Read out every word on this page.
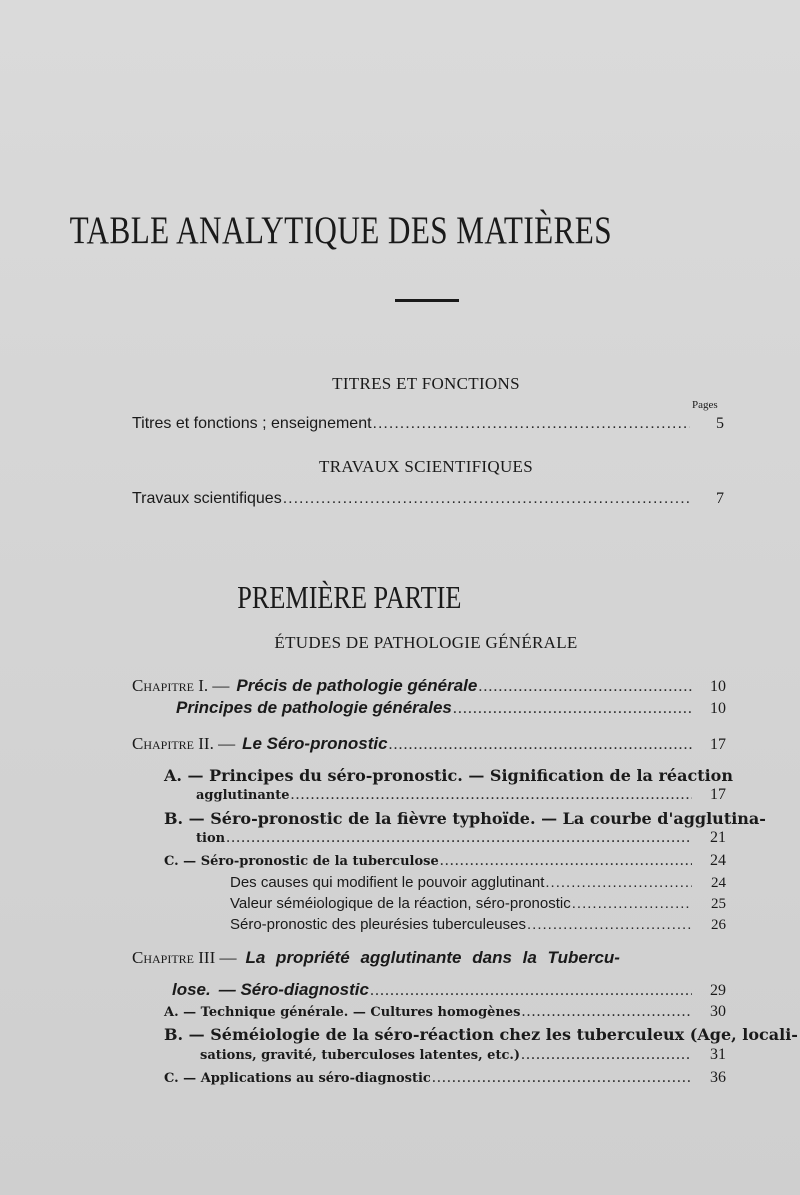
TABLE ANALYTIQUE DES MATIÈRES
TITRES ET FONCTIONS
Pages
Titres et fonctions ; enseignement .....	5
TRAVAUX SCIENTIFIQUES
Travaux scientifiques .....	7
PREMIÈRE PARTIE
ÉTUDES DE PATHOLOGIE GÉNÉRALE
Chapitre I. — Précis de pathologie générale .....	10
Principes de pathologie générales .....	10
Chapitre II. — Le Séro-pronostic .....	17
A. — Principes du séro-pronostic. — Signification de la réaction
agglutinante .....	17
B. — Séro-pronostic de la fièvre typhoïde. — La courbe d'agglutina-
tion .....	21
C. — Séro-pronostic de la tuberculose .....	24
Des causes qui modifient le pouvoir agglutinant .....	24
Valeur séméiologique de la réaction, séro-pronostic .....	25
Séro-pronostic des pleurésies tuberculeuses .....	26
Chapitre III — La propriété agglutinante dans la Tubercu-
lose. — Séro-diagnostic .....	29
A. — Technique générale. — Cultures homogènes .....	30
B. — Séméiologie de la séro-réaction chez les tuberculeux (Age, locali-
sations, gravité, tuberculoses latentes, etc.) .....	31
C. — Applications au séro-diagnostic .....	36
